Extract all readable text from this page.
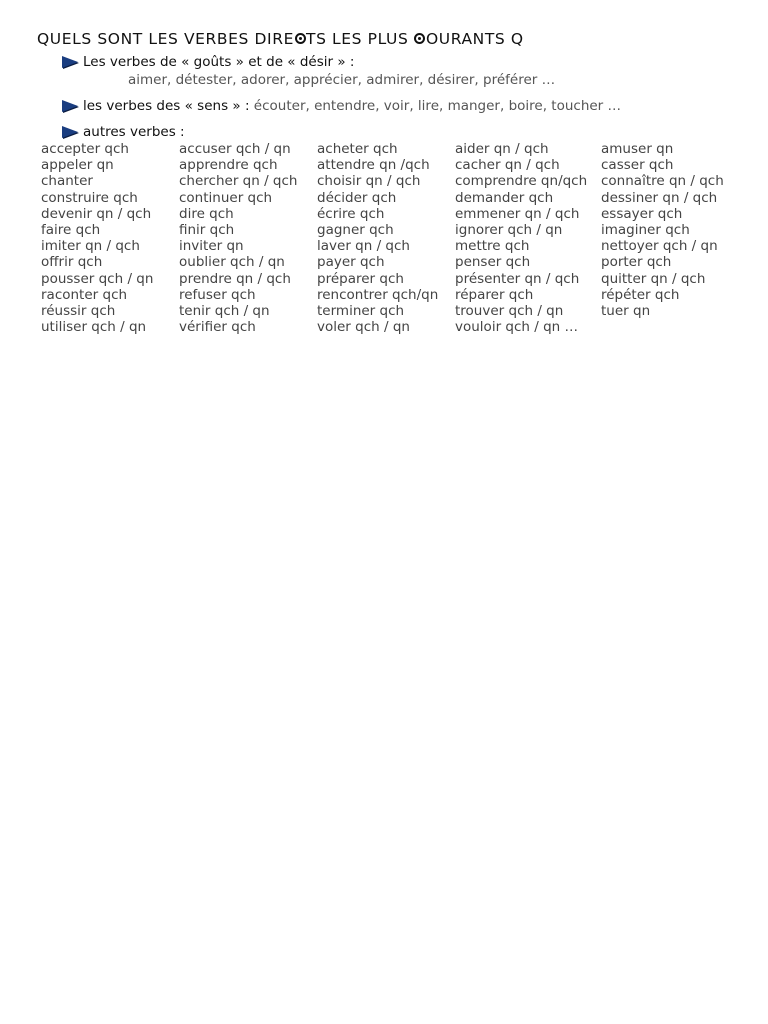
QUELS SONT LES VERBES DIRE TS LES PLUS OURANTS Q
Les verbes de « goûts » et de « désir » :
aimer, détester, adorer, apprécier, admirer, désirer, préférer …
les verbes des « sens » : écouter, entendre, voir, lire, manger, boire, toucher …
autres verbes :
accepter qch
appeler qn
chanter
construire qch
devenir qn / qch
faire qch
imiter qn / qch
offrir qch
pousser qch / qn
raconter qch
réussir qch
utiliser qch / qn
accuser qch / qn
apprendre qch
chercher qn / qch
continuer qch
dire qch
finir qch
inviter qn
oublier qch / qn
prendre qn / qch
refuser qch
tenir qch / qn
vérifier qch
acheter qch
attendre qn /qch
choisir qn / qch
décider qch
écrire qch
gagner qch
laver qn / qch
payer qch
préparer qch
rencontrer qch/qn
terminer qch
voler qch / qn
aider qn / qch
cacher qn / qch
comprendre qn/qch
demander qch
emmener qn / qch
ignorer qch / qn
mettre qch
penser qch
présenter qn / qch
réparer qch
trouver qch / qn
vouloir qch / qn …
amuser qn
casser qch
connaître qn / qch
dessiner qn / qch
essayer qch
imaginer qch
nettoyer qch / qn
porter qch
quitter qn / qch
répéter qch
tuer qn
